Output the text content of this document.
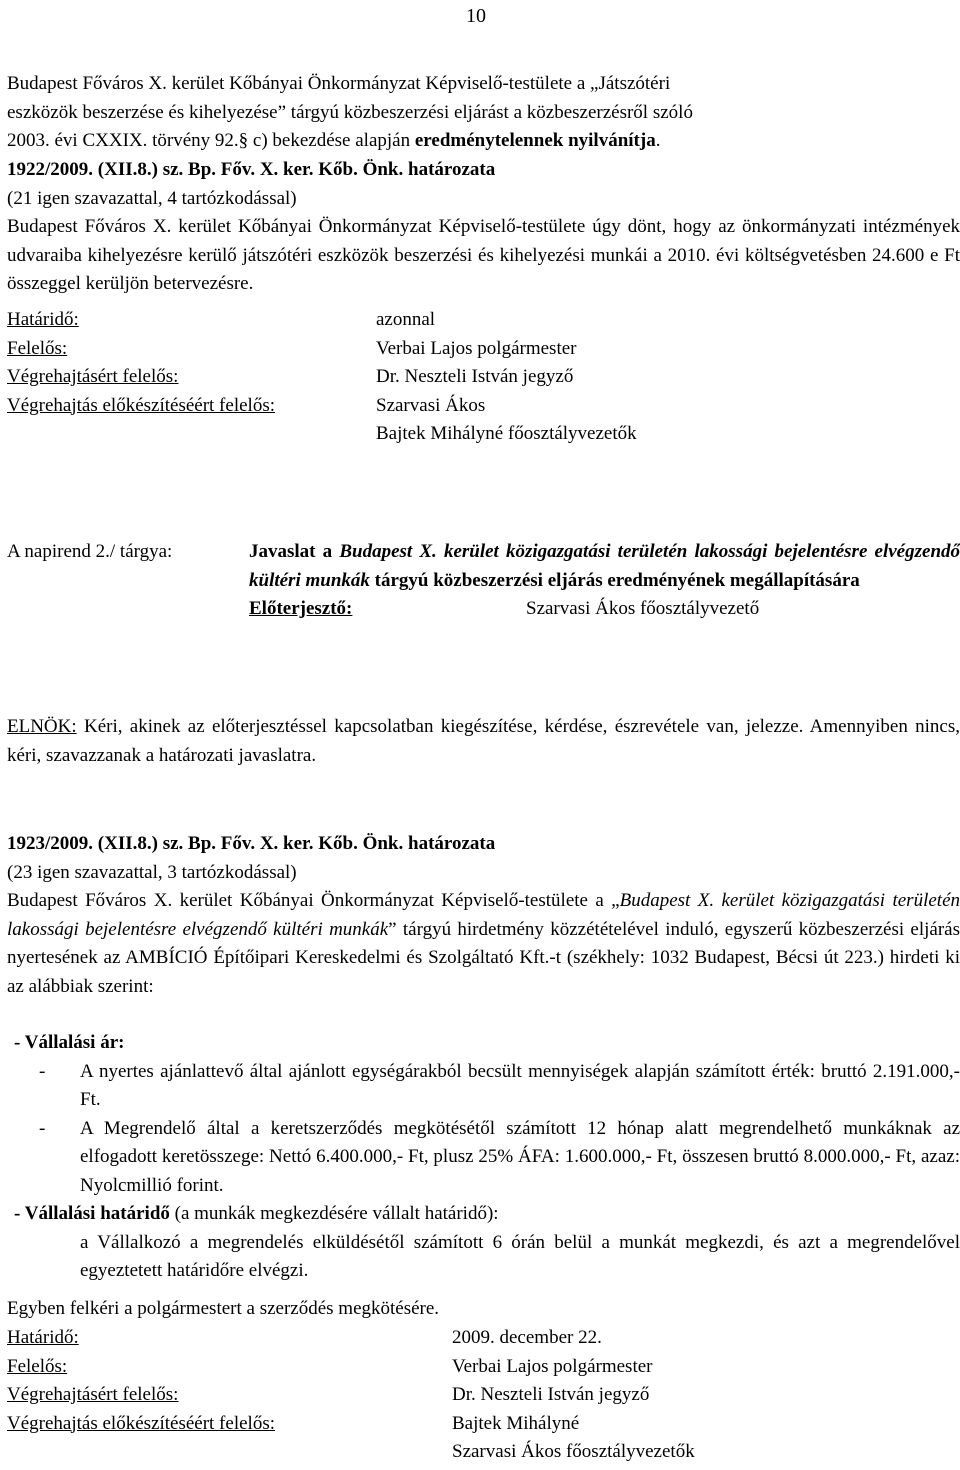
10
Budapest Főváros X. kerület Kőbányai Önkormányzat Képviselő-testülete a „Játszótéri
eszközök beszerzése és kihelyezése” tárgyú közbeszerzési eljárást a közbeszerzésről szóló
2003. évi CXXIX. törvény 92.§ c) bekezdése alapján eredménytelennek nyilvánítja.
1922/2009. (XII.8.) sz. Bp. Főv. X. ker. Kőb. Önk. határozata
(21 igen szavazattal, 4 tartózkodással)

Budapest Főváros X. kerület Kőbányai Önkormányzat Képviselő-testülete úgy dönt, hogy az önkormányzati intézmények udvaraiba kihelyezésre kerülő játszótéri eszközök beszerzési és kihelyezési munkái a 2010. évi költségvetésben 24.600 e Ft összeggel kerüljön betervezésre.

Határidő:	azonnal
Felelős:	Verbai Lajos polgármester
Végrehajtásért felelős:	Dr. Neszteli István jegyző
Végrehajtás előkészítéséért felelős:	Szarvasi Ákos
Bajtek Mihályné főosztályvezetők
A napirend 2./ tárgya:	Javaslat a Budapest X. kerület közigazgatási területén lakossági bejelentésre elvégzendő kültéri munkák tárgyú közbeszerzési eljárás eredményének megállapítására
Előterjesztő:	Szarvasi Ákos főosztályvezető

ELNÖK: Kéri, akinek az előterjesztéssel kapcsolatban kiegészítése, kérdése, észrevétele van, jelezze. Amennyiben nincs, kéri, szavazzanak a határozati javaslatra.

1923/2009. (XII.8.) sz. Bp. Főv. X. ker. Kőb. Önk. határozata
(23 igen szavazattal, 3 tartózkodással)

Budapest Főváros X. kerület Kőbányai Önkormányzat Képviselő-testülete a „Budapest X. kerület közigazgatási területén lakossági bejelentésre elvégzendő kültéri munkák” tárgyú hirdetmény közzétételével induló, egyszerű közbeszerzési eljárás nyertesének az AMBÍCIÓ Építőipari Kereskedelmi és Szolgáltató Kft.-t (székhely: 1032 Budapest, Bécsi út 223.) hirdeti ki az alábbiak szerint:

- Vállalási ár:
- A nyertes ajánlattevő által ajánlott egységárakból becsült mennyiségek alapján számított érték: bruttó 2.191.000,-Ft.
- A Megrendelő által a keretszerződés megkötésétől számított 12 hónap alatt megrendelhető munkáknak az elfogadott keretösszege: Nettó 6.400.000,- Ft, plusz 25% ÁFA: 1.600.000,- Ft, összesen bruttó 8.000.000,- Ft, azaz: Nyolcmillió forint.
- Vállalási határidő (a munkák megkezdésére vállalt határidő):
a Vállalkozó a megrendelés elküldésétől számított 6 órán belül a munkát megkezdi, és azt a megrendelővel egyeztetett határidőre elvégzi.
Egyben felkéri a polgármestert a szerződés megkötésére.
Határidő:	2009. december 22.
Felelős:	Verbai Lajos polgármester
Végrehajtásért felelős:	Dr. Neszteli István jegyző
Végrehajtás előkészítéséért felelős:	Bajtek Mihályné
Szarvasi Ákos főosztályvezetők
